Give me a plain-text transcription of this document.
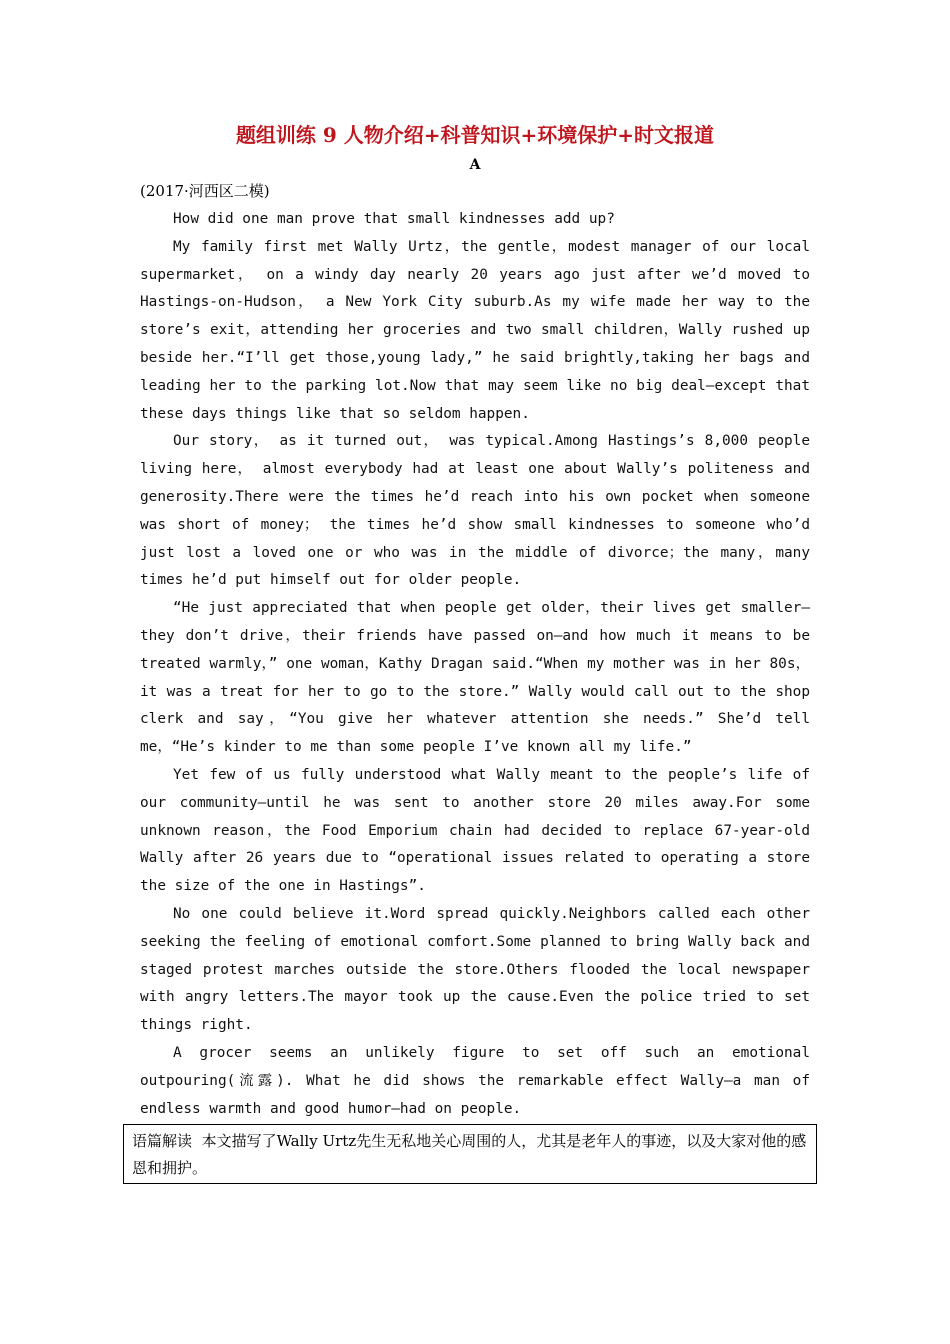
题组训练 9 人物介绍+科普知识+环境保护+时文报道
A
(2017·河西区二模)

How did one man prove that small kindnesses add up?

My family first met Wally Urtz，the gentle，modest manager of our local supermarket， on a windy day nearly 20 years ago just after we’d moved to Hastings-on-Hudson， a New York City suburb.As my wife made her way to the store’s exit，attending her groceries and two small children，Wally rushed up beside her.“I’ll get those,young lady,” he said brightly,taking her bags and leading her to the parking lot.Now that may seem like no big deal—except that these days things like that so seldom happen.

Our story， as it turned out， was typical.Among Hastings’s 8,000 people living here， almost everybody had at least one about Wally’s politeness and generosity.There were the times he’d reach into his own pocket when someone was short of money； the times he’d show small kindnesses to someone who’d just lost a loved one or who was in the middle of divorce；the many，many times he’d put himself out for older people.

“He just appreciated that when people get older，their lives get smaller—they don’t drive，their friends have passed on—and how much it means to be treated warmly，” one woman，Kathy Dragan said.“When my mother was in her 80s，it was a treat for her to go to the store.” Wally would call out to the shop clerk and say，“You give her whatever attention she needs.” She’d tell me，“He’s kinder to me than some people I’ve known all my life.”

Yet few of us fully understood what Wally meant to the people’s life of our community—until he was sent to another store 20 miles away.For some unknown reason，the Food Emporium chain had decided to replace 67-year-old Wally after 26 years due to “operational issues related to operating a store the size of the one in Hastings”.

No one could believe it.Word spread quickly.Neighbors called each other seeking the feeling of emotional comfort.Some planned to bring Wally back and staged protest marches outside the store.Others flooded the local newspaper with angry letters.The mayor took up the cause.Even the police tried to set things right.

A grocer seems an unlikely figure to set off such an emotional outpouring(流露). What he did shows the remarkable effect Wally—a man of endless warmth and good humor—had on people.

语篇解读 本文描写了Wally Urtz先生无私地关心周围的人，尤其是老年人的事迹，以及大家对他的感恩和拥护。
